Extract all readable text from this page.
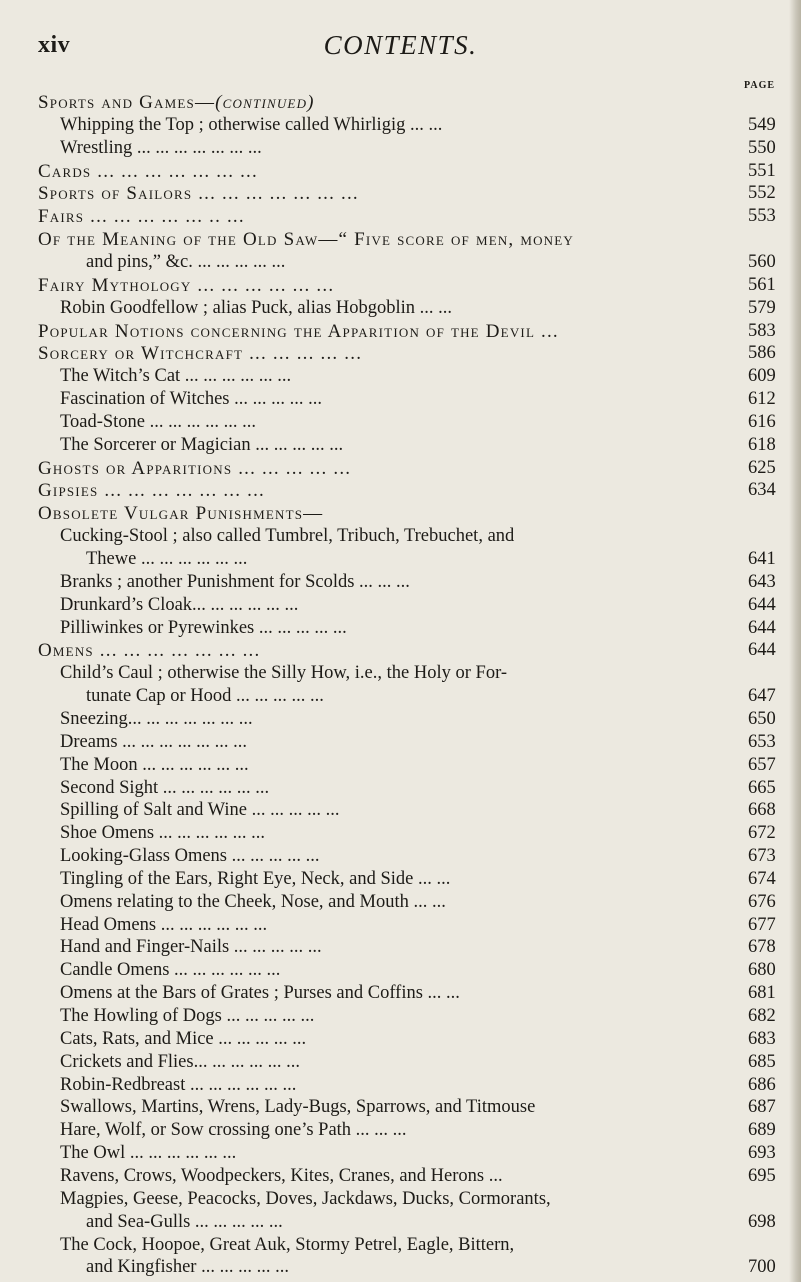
xiv	CONTENTS.
PAGE
Sports and Games—(continued)
Whipping the Top ; otherwise called Whirligig ... ...	549
Wrestling ... ... ... ... ... ... ...	550
Cards ... ... ... ... ... ... ...	551
Sports of Sailors ... ... ... ... ... ... ...	552
Fairs ... ... ... ... ... .. ...	553
Of the Meaning of the Old Saw—“ Five score of men, money
and pins,” &c. ... ... ... ... ...	560
Fairy Mythology ... ... ... ... ... ...	561
Robin Goodfellow ; alias Puck, alias Hobgoblin ... ...	579
Popular Notions concerning the Apparition of the Devil ...	583
Sorcery or Witchcraft ... ... ... ... ...	586
The Witch’s Cat ... ... ... ... ... ...	609
Fascination of Witches ... ... ... ... ...	612
Toad-Stone ... ... ... ... ... ...	616
The Sorcerer or Magician ... ... ... ... ...	618
Ghosts or Apparitions ... ... ... ... ...	625
Gipsies ... ... ... ... ... ... ...	634
Obsolete Vulgar Punishments—
Cucking-Stool ; also called Tumbrel, Tribuch, Trebuchet, and
Thewe ... ... ... ... ... ...	641
Branks ; another Punishment for Scolds ... ... ...	643
Drunkard’s Cloak... ... ... ... ... ...	644
Pilliwinkes or Pyrewinkes ... ... ... ... ...	644
Omens ... ... ... ... ... ... ...	644
Child’s Caul ; otherwise the Silly How, i.e., the Holy or For-
tunate Cap or Hood ... ... ... ... ...	647
Sneezing... ... ... ... ... ... ...	650
Dreams ... ... ... ... ... ... ...	653
The Moon ... ... ... ... ... ...	657
Second Sight ... ... ... ... ... ...	665
Spilling of Salt and Wine ... ... ... ... ...	668
Shoe Omens ... ... ... ... ... ...	672
Looking-Glass Omens ... ... ... ... ...	673
Tingling of the Ears, Right Eye, Neck, and Side ... ...	674
Omens relating to the Cheek, Nose, and Mouth ... ...	676
Head Omens ... ... ... ... ... ...	677
Hand and Finger-Nails ... ... ... ... ...	678
Candle Omens ... ... ... ... ... ...	680
Omens at the Bars of Grates ; Purses and Coffins ... ...	681
The Howling of Dogs ... ... ... ... ...	682
Cats, Rats, and Mice ... ... ... ... ...	683
Crickets and Flies... ... ... ... ... ...	685
Robin-Redbreast ... ... ... ... ... ...	686
Swallows, Martins, Wrens, Lady-Bugs, Sparrows, and Titmouse	687
Hare, Wolf, or Sow crossing one’s Path ... ... ...	689
The Owl ... ... ... ... ... ...	693
Ravens, Crows, Woodpeckers, Kites, Cranes, and Herons ...	695
Magpies, Geese, Peacocks, Doves, Jackdaws, Ducks, Cormorants,
and Sea-Gulls ... ... ... ... ...	698
The Cock, Hoopoe, Great Auk, Stormy Petrel, Eagle, Bittern,
and Kingfisher ... ... ... ... ...	700
